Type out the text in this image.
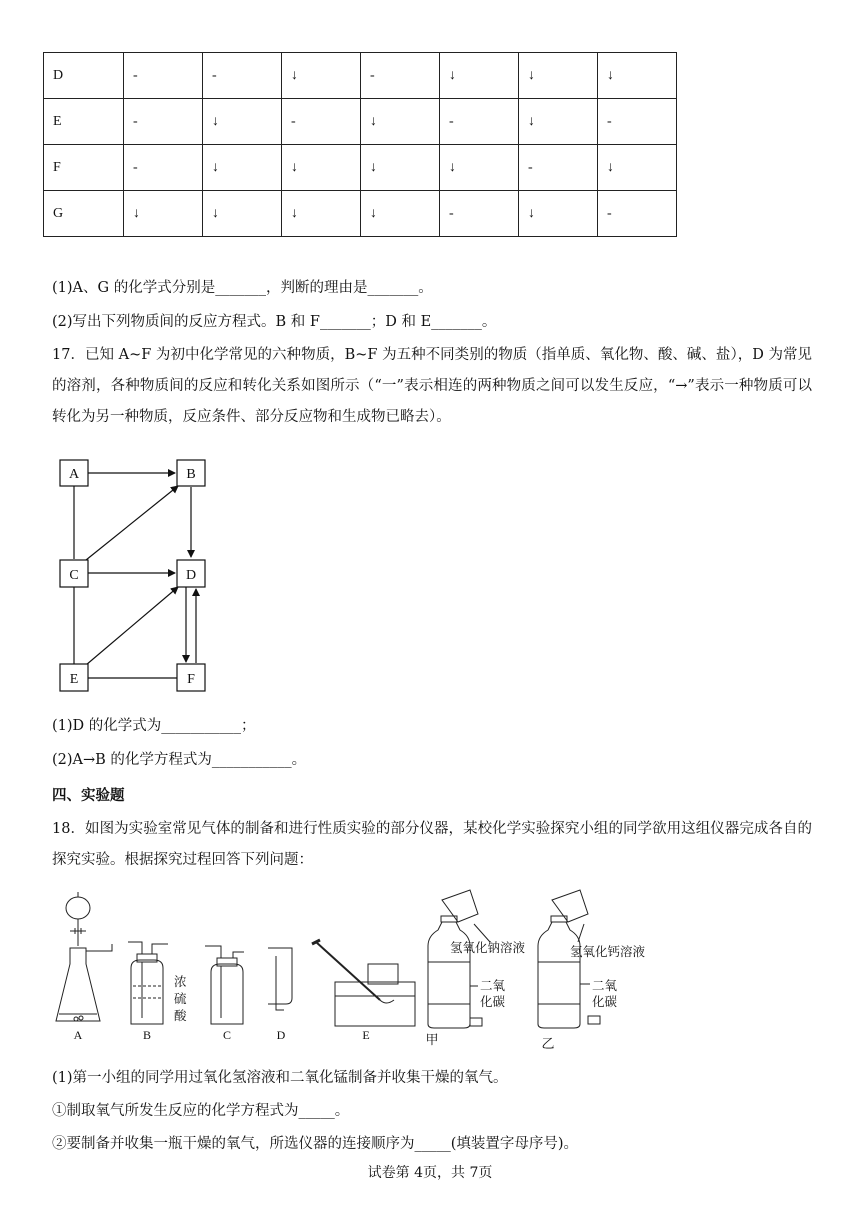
D	-	-	↓	-	↓	↓	↓
E	-	↓	-	↓	-	↓	-
F	-	↓	↓	↓	↓	-	↓
G	↓	↓	↓	↓	-	↓	-
(1)A、G 的化学式分别是_______，判断的理由是_______。
(2)写出下列物质间的反应方程式。B 和 F_______；D 和 E_______。
17．已知 A~F 为初中化学常见的六种物质，B~F 为五种不同类别的物质（指单质、氧化物、酸、碱、盐），D 为常见的溶剂，各种物质间的反应和转化关系如图所示（“一”表示相连的两种物质之间可以发生反应，“→”表示一种物质可以转化为另一种物质，反应条件、部分反应物和生成物已略去）。
A	B
C	D
E	F
(1)D 的化学式为___________；
(2)A→B 的化学方程式为___________。
四、实验题
18．如图为实验室常见气体的制备和进行性质实验的部分仪器，某校化学实验探究小组的同学欲用这组仪器完成各自的探究实验。根据探究过程回答下列问题：
A	B	C	D	E	甲	乙
浓
硫
酸
氢氧化钠溶液	氢氧化钙溶液
二氧
化碳
二氧
化碳
(1)第一小组的同学用过氧化氢溶液和二氧化锰制备并收集干燥的氧气。
①制取氧气所发生反应的化学方程式为_____。
②要制备并收集一瓶干燥的氧气，所选仪器的连接顺序为_____(填装置字母序号)。
试卷第 4页，共 7页
